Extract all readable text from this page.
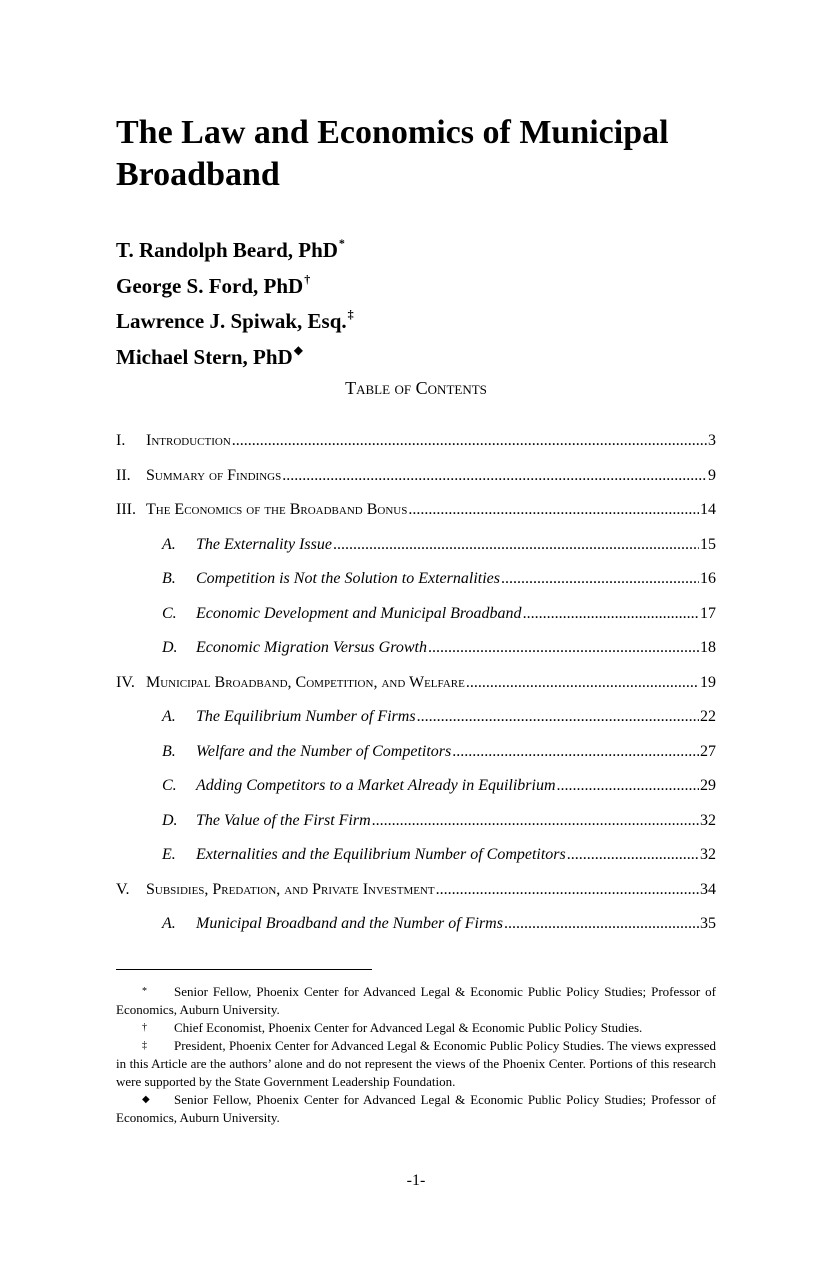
The Law and Economics of Municipal Broadband
T. Randolph Beard, PhD*
George S. Ford, PhD†
Lawrence J. Spiwak, Esq.‡
Michael Stern, PhD◆
Table of Contents
I.	Introduction .....	3
II. Summary of Findings .....	9
III. The Economics of the Broadband Bonus .....	14
A.	The Externality Issue .....	15
B.	Competition is Not the Solution to Externalities .....	16
C.	Economic Development and Municipal Broadband .....	17
D.	Economic Migration Versus Growth .....	18
IV. Municipal Broadband, Competition, and Welfare .....	19
A.	The Equilibrium Number of Firms .....	22
B.	Welfare and the Number of Competitors .....	27
C.	Adding Competitors to a Market Already in Equilibrium .....	29
D.	The Value of the First Firm .....	32
E.	Externalities and the Equilibrium Number of Competitors .....	32
V.	Subsidies, Predation, and Private Investment .....	34
A.	Municipal Broadband and the Number of Firms .....	35

* Senior Fellow, Phoenix Center for Advanced Legal & Economic Public Policy Studies; Professor of Economics, Auburn University.

† Chief Economist, Phoenix Center for Advanced Legal & Economic Public Policy Studies.

‡ President, Phoenix Center for Advanced Legal & Economic Public Policy Studies. The views expressed in this Article are the authors’ alone and do not represent the views of the Phoenix Center. Portions of this research were supported by the State Government Leadership Foundation.

◆ Senior Fellow, Phoenix Center for Advanced Legal & Economic Public Policy Studies; Professor of Economics, Auburn University.

-1-
